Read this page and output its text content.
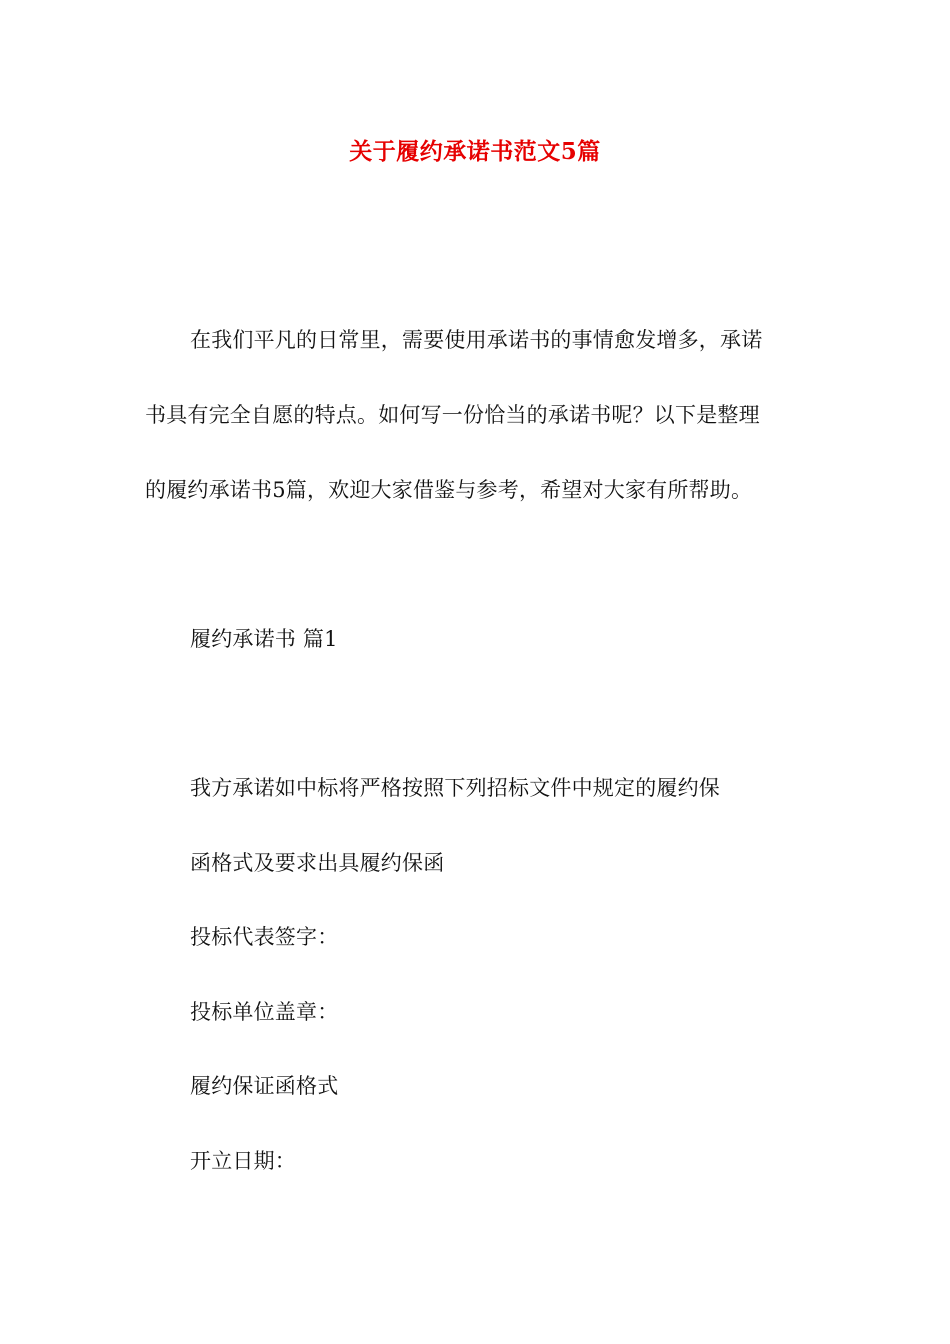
关于履约承诺书范文5篇
在我们平凡的日常里，需要使用承诺书的事情愈发增多，承诺
书具有完全自愿的特点。如何写一份恰当的承诺书呢？以下是整理
的履约承诺书5篇，欢迎大家借鉴与参考，希望对大家有所帮助。
履约承诺书 篇1
我方承诺如中标将严格按照下列招标文件中规定的履约保
函格式及要求出具履约保函
投标代表签字：
投标单位盖章：
履约保证函格式
开立日期：
